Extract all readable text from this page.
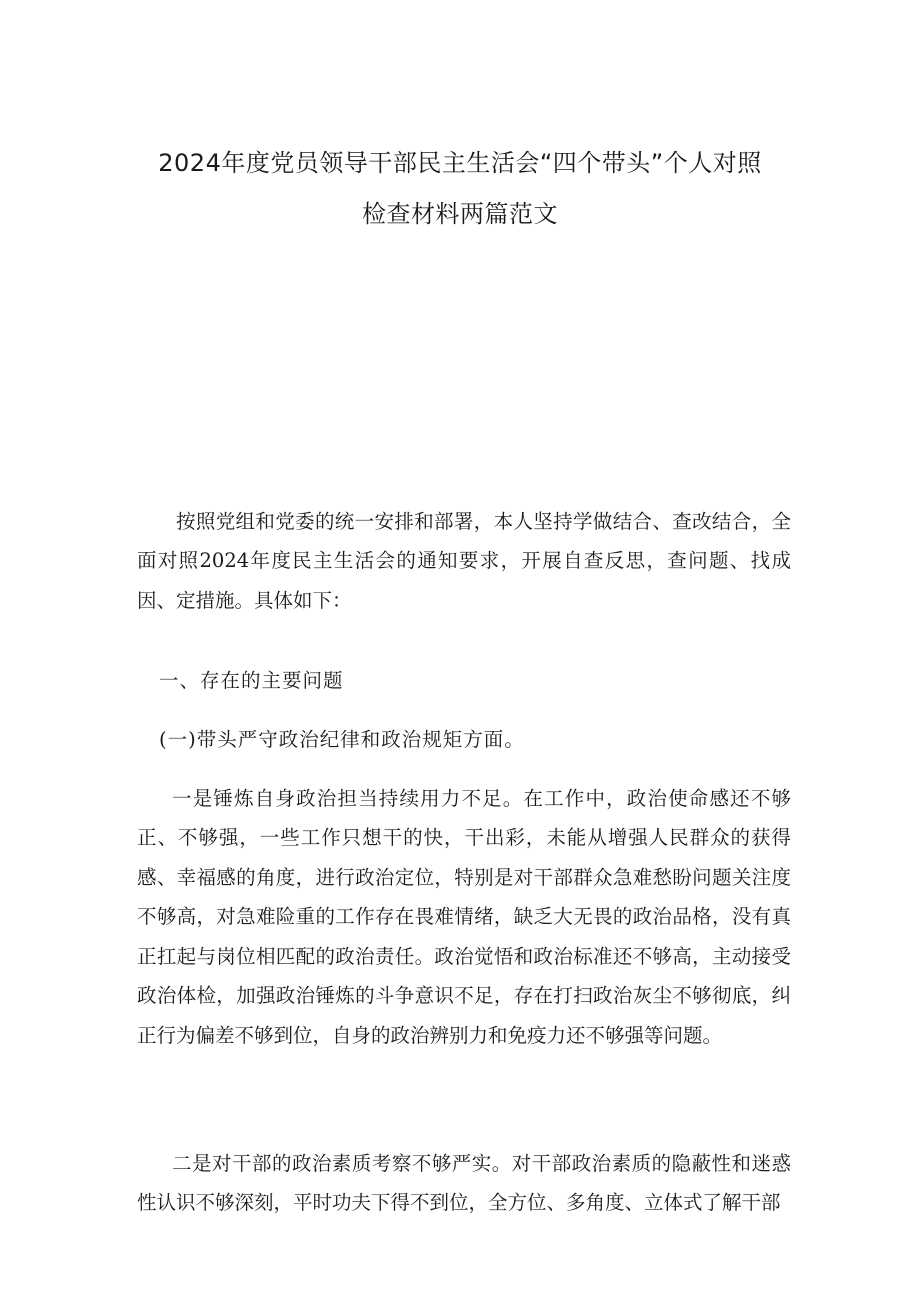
2024年度党员领导干部民主生活会“四个带头”个人对照
检查材料两篇范文

按照党组和党委的统一安排和部署，本人坚持学做结合、查改结合，全面对照2024年度民主生活会的通知要求，开展自查反思，查问题、找成因、定措施。具体如下：

一、存在的主要问题

(一)带头严守政治纪律和政治规矩方面。

一是锤炼自身政治担当持续用力不足。在工作中，政治使命感还不够正、不够强，一些工作只想干的快，干出彩，未能从增强人民群众的获得感、幸福感的角度，进行政治定位，特别是对干部群众急难愁盼问题关注度不够高，对急难险重的工作存在畏难情绪，缺乏大无畏的政治品格，没有真正扛起与岗位相匹配的政治责任。政治觉悟和政治标准还不够高，主动接受政治体检，加强政治锤炼的斗争意识不足，存在打扫政治灰尘不够彻底，纠正行为偏差不够到位，自身的政治辨别力和免疫力还不够强等问题。

二是对干部的政治素质考察不够严实。对干部政治素质的隐蔽性和迷惑性认识不够深刻，平时功夫下得不到位，全方位、多角度、立体式了解干部
